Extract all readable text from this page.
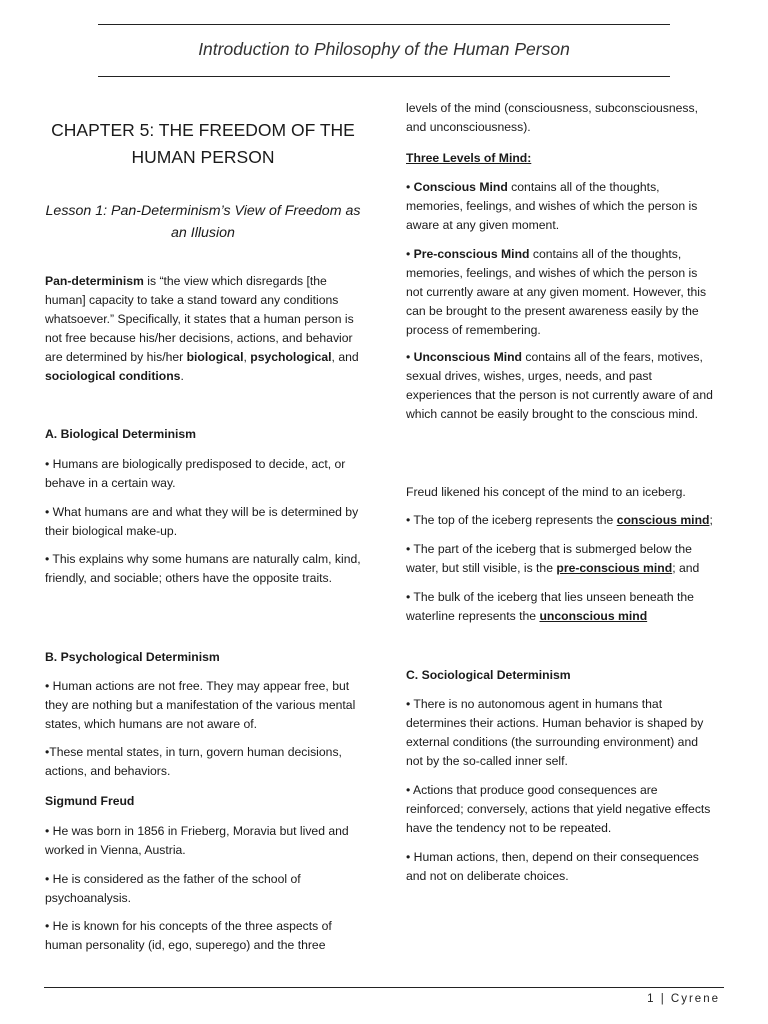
Introduction to Philosophy of the Human Person
CHAPTER 5: THE FREEDOM OF THE HUMAN PERSON
Lesson 1: Pan-Determinism’s View of Freedom as an Illusion

Pan-determinism is “the view which disregards [the human] capacity to take a stand toward any conditions whatsoever.” Specifically, it states that a human person is not free because his/her decisions, actions, and behavior are determined by his/her biological, psychological, and sociological conditions.

A. Biological Determinism

• Humans are biologically predisposed to decide, act, or behave in a certain way.

• What humans are and what they will be is determined by their biological make-up.

• This explains why some humans are naturally calm, kind, friendly, and sociable; others have the opposite traits.

B. Psychological Determinism

• Human actions are not free. They may appear free, but they are nothing but a manifestation of the various mental states, which humans are not aware of.

•These mental states, in turn, govern human decisions, actions, and behaviors.

Sigmund Freud

• He was born in 1856 in Frieberg, Moravia but lived and worked in Vienna, Austria.

• He is considered as the father of the school of psychoanalysis.

• He is known for his concepts of the three aspects of human personality (id, ego, superego) and the three

levels of the mind (consciousness, subconsciousness, and unconsciousness).

Three Levels of Mind:

• Conscious Mind contains all of the thoughts, memories, feelings, and wishes of which the person is aware at any given moment.

• Pre-conscious Mind contains all of the thoughts, memories, feelings, and wishes of which the person is not currently aware at any given moment. However, this can be brought to the present awareness easily by the process of remembering.

• Unconscious Mind contains all of the fears, motives, sexual drives, wishes, urges, needs, and past experiences that the person is not currently aware of and which cannot be easily brought to the conscious mind.

Freud likened his concept of the mind to an iceberg.

• The top of the iceberg represents the conscious mind;

• The part of the iceberg that is submerged below the water, but still visible, is the pre-conscious mind; and

• The bulk of the iceberg that lies unseen beneath the waterline represents the unconscious mind

C. Sociological Determinism

• There is no autonomous agent in humans that determines their actions. Human behavior is shaped by external conditions (the surrounding environment) and not by the so-called inner self.

• Actions that produce good consequences are reinforced; conversely, actions that yield negative effects have the tendency not to be repeated.

• Human actions, then, depend on their consequences and not on deliberate choices.

1 | Cyrene
